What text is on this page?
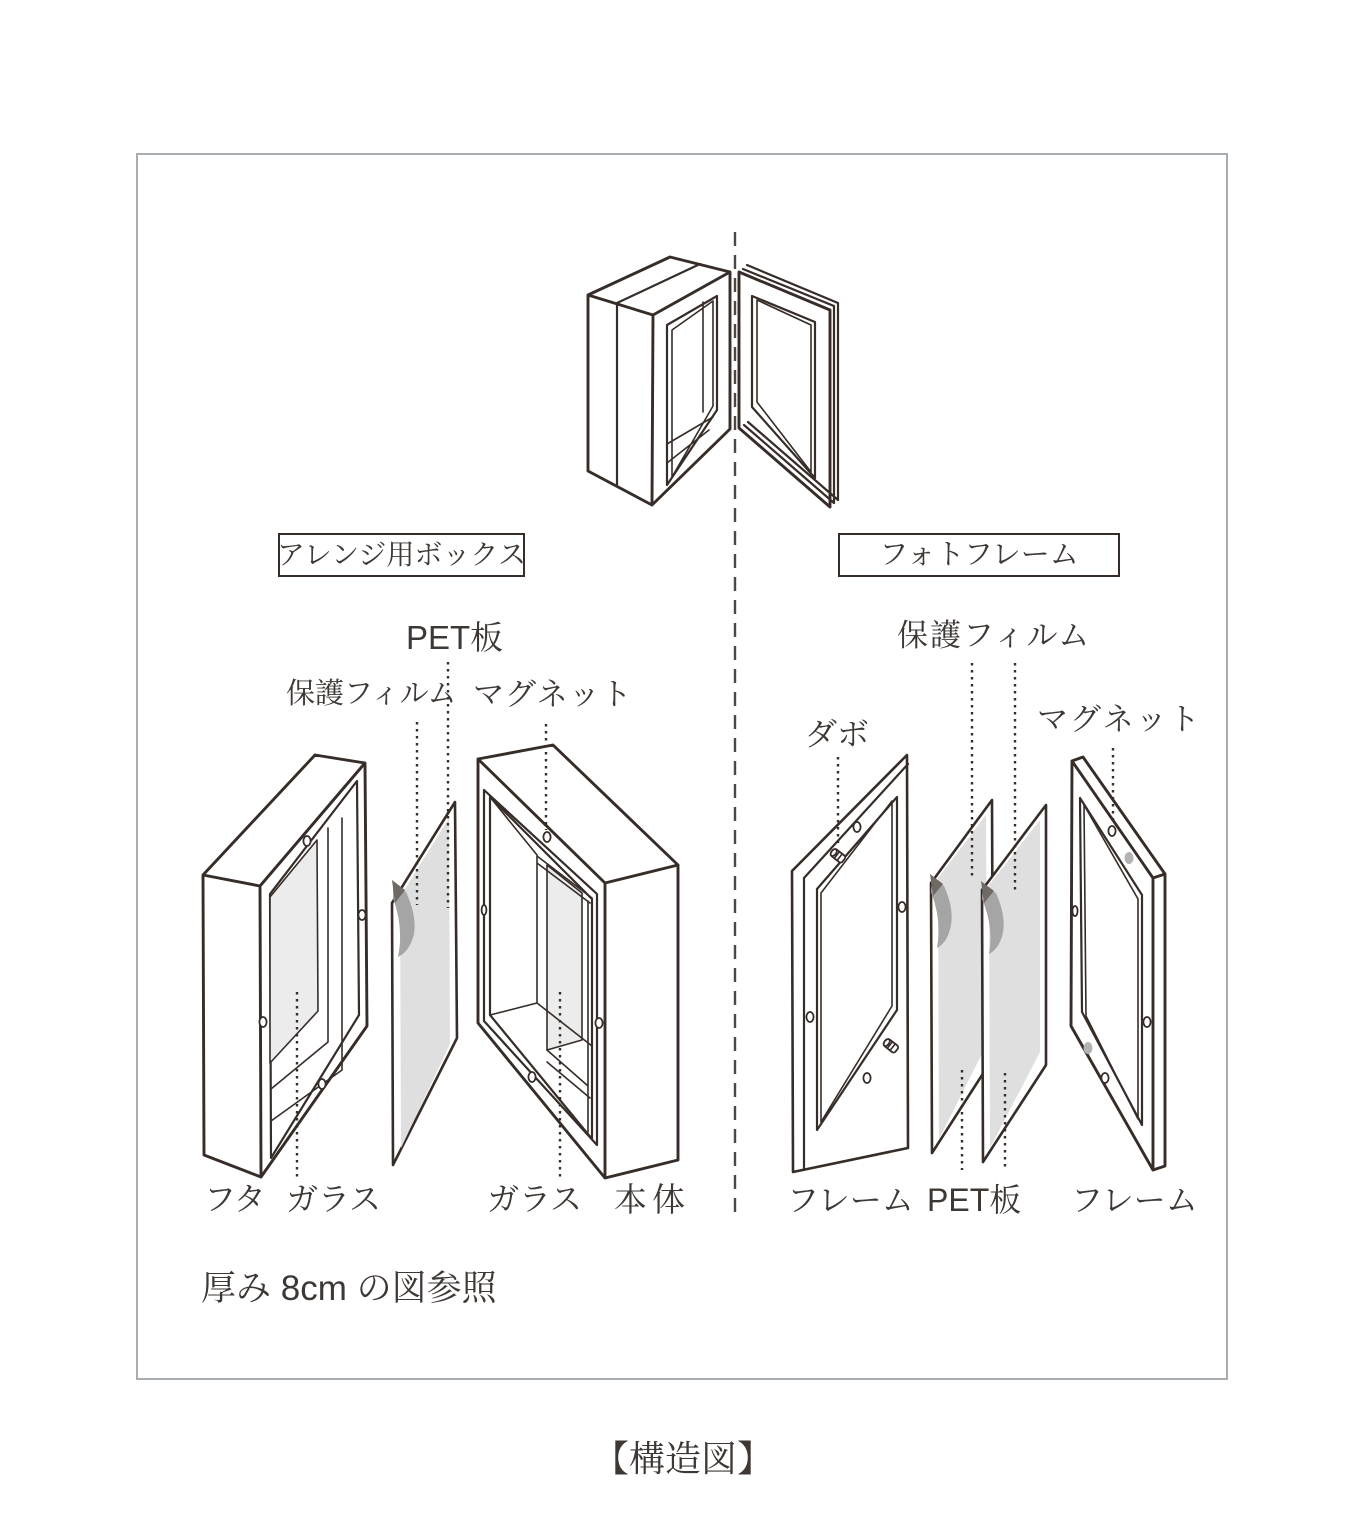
アレンジ用ボックス	フォトフレーム
PET板
保護フィルム マグネット
フタ ガラス	ガラス 本体
保護フィルム
ダボ	マグネット
フレーム PET板 フレーム
厚み 8cm の図参照
【構造図】
